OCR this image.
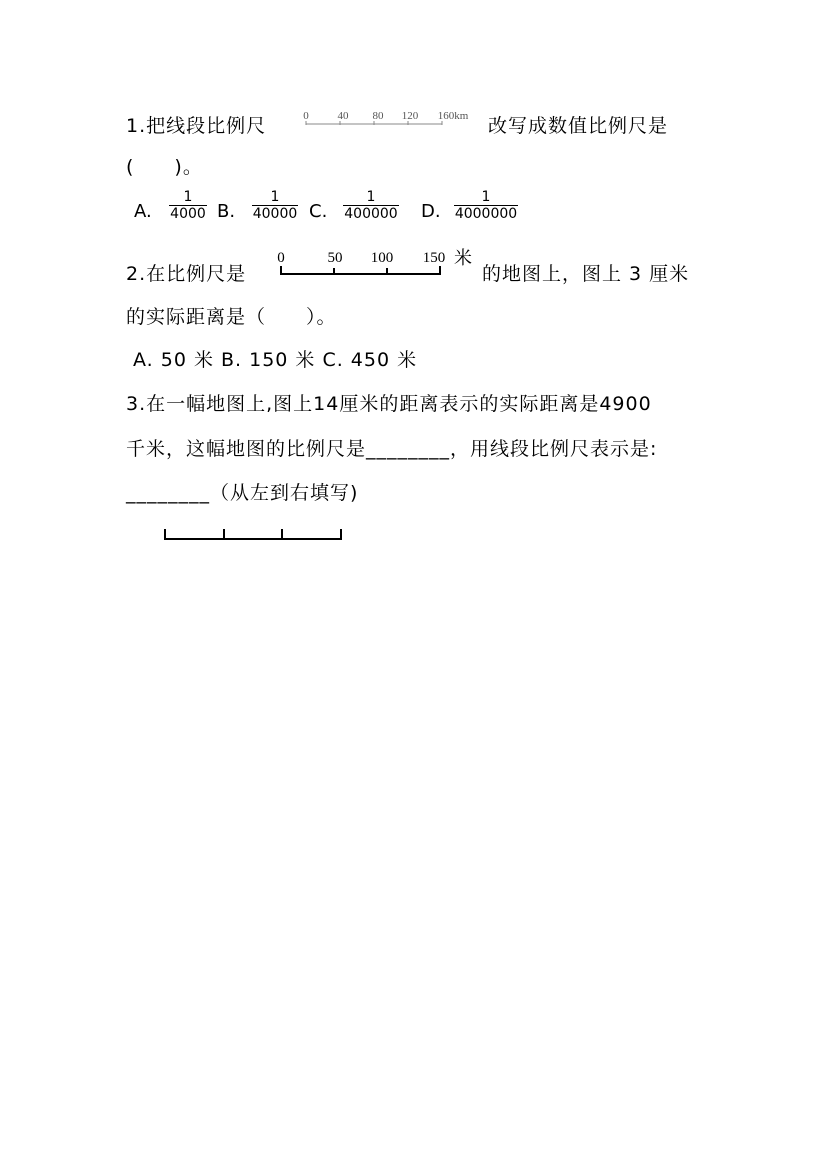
1.把线段比例尺	0	40 80 120 160km 改写成数值比例尺是
(　　)。
A. $\frac{1}{4000} B$. $\frac{1}{40000} C$. $\frac{1}{400000} D$. $\frac{1}{4000000}$
2.在比例尺是
0	50 100 150 米
的地图上，图上 3 厘米
的实际距离是（　　）。
A. 50 米 B. 150 米 C. 450 米
3.在一幅地图上,图上14厘米的距离表示的实际距离是4900
千米，这幅地图的比例尺是________，用线段比例尺表示是:
________（从左到右填写)
